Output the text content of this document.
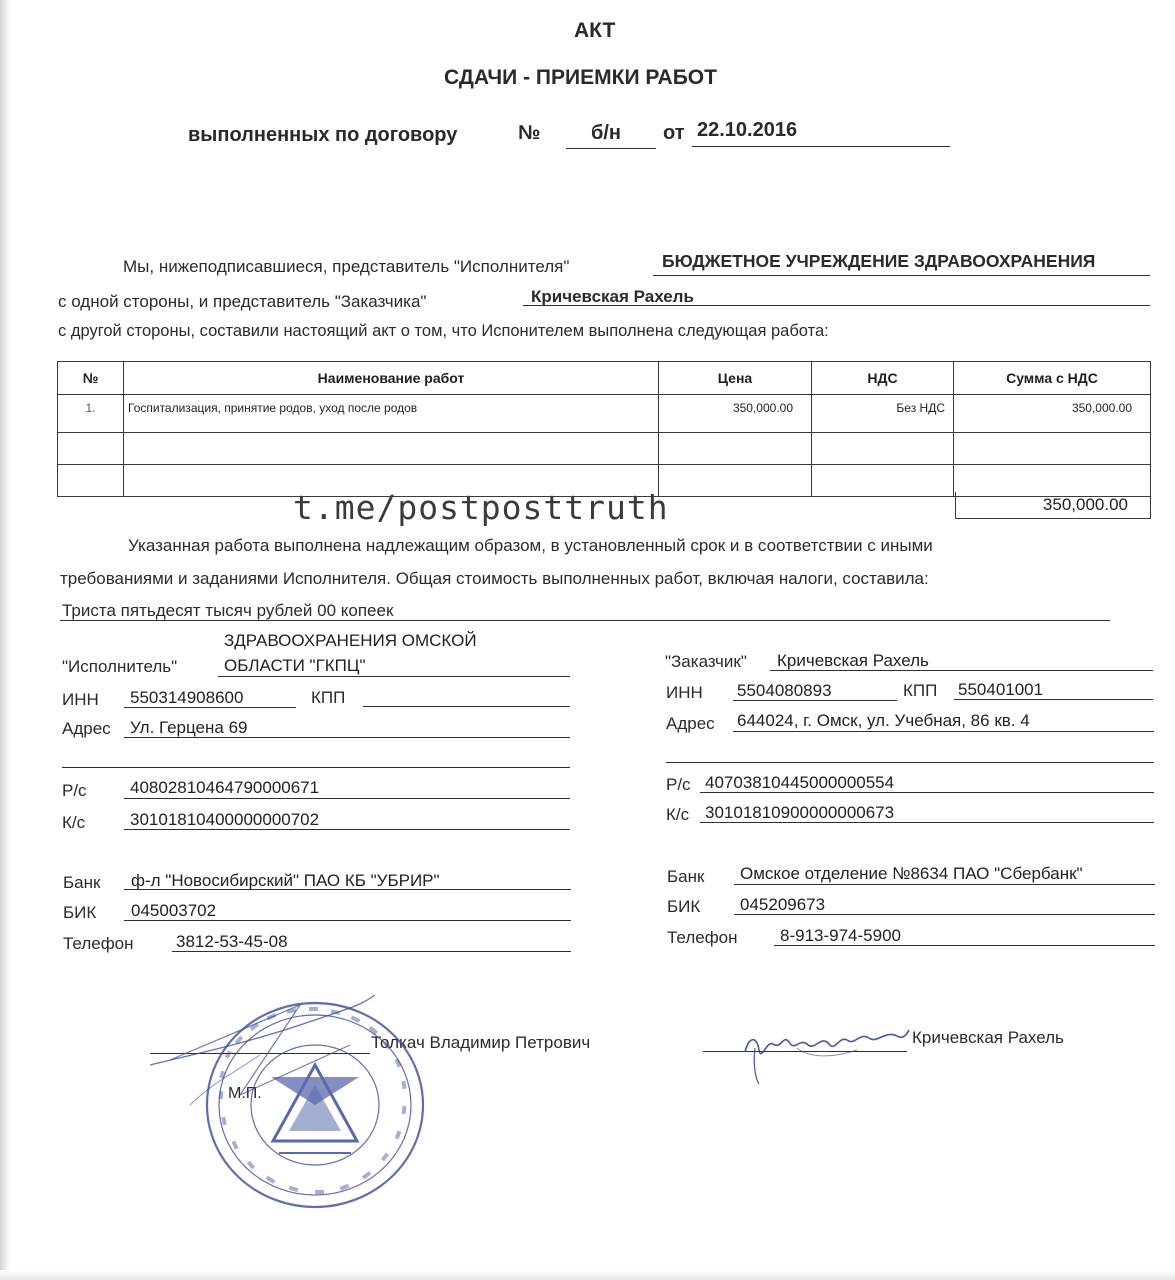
АКТ
СДАЧИ - ПРИЕМКИ РАБОТ
выполненных по договору	№	б/н от 22.10.2016
Мы, нижеподписавшиеся, представитель "Исполнителя"	БЮДЖЕТНОЕ УЧРЕЖДЕНИЕ ЗДРАВООХРАНЕНИЯ
с одной стороны, и представитель "Заказчика"	Кричевская Рахель
с другой стороны, составили настоящий акт о том, что Испонителем выполнена следующая работа:
№	Наименование работ	Цена	НДС	Сумма с НДС
1.	Госпитализация, принятие родов, уход после родов	350,000.00	Без НДС	350,000.00

350,000.00
t.me/postposttruth
Указанная работа выполнена надлежащим образом, в установленный срок и в соответствии с иными
требованиями и заданиями Исполнителя. Общая стоимость выполненных работ, включая налоги, составила:
Триста пятьдесят тысяч рублей 00 копеек
ЗДРАВООХРАНЕНИЯ ОМСКОЙ
"Исполнитель"	ОБЛАСТИ "ГКПЦ"
ИНН 550314908600	КПП
Адрес Ул. Герцена 69
Р/с	40802810464790000671
К/с	30101810400000000702
Банк ф-л "Новосибирский" ПАО КБ "УБРИР"
БИК 045003702
Телефон 3812-53-45-08
"Заказчик" Кричевская Рахель
ИНН 5504080893	КПП 550401001
Адрес 644024, г. Омск, ул. Учебная, 86 кв. 4
Р/с 40703810445000000554
К/с 30101810900000000673
Банк Омское отделение №8634 ПАО "Сбербанк"
БИК 045209673
Телефон 8-913-974-5900
Толкач Владимир Петрович
М.П.
Кричевская Рахель
